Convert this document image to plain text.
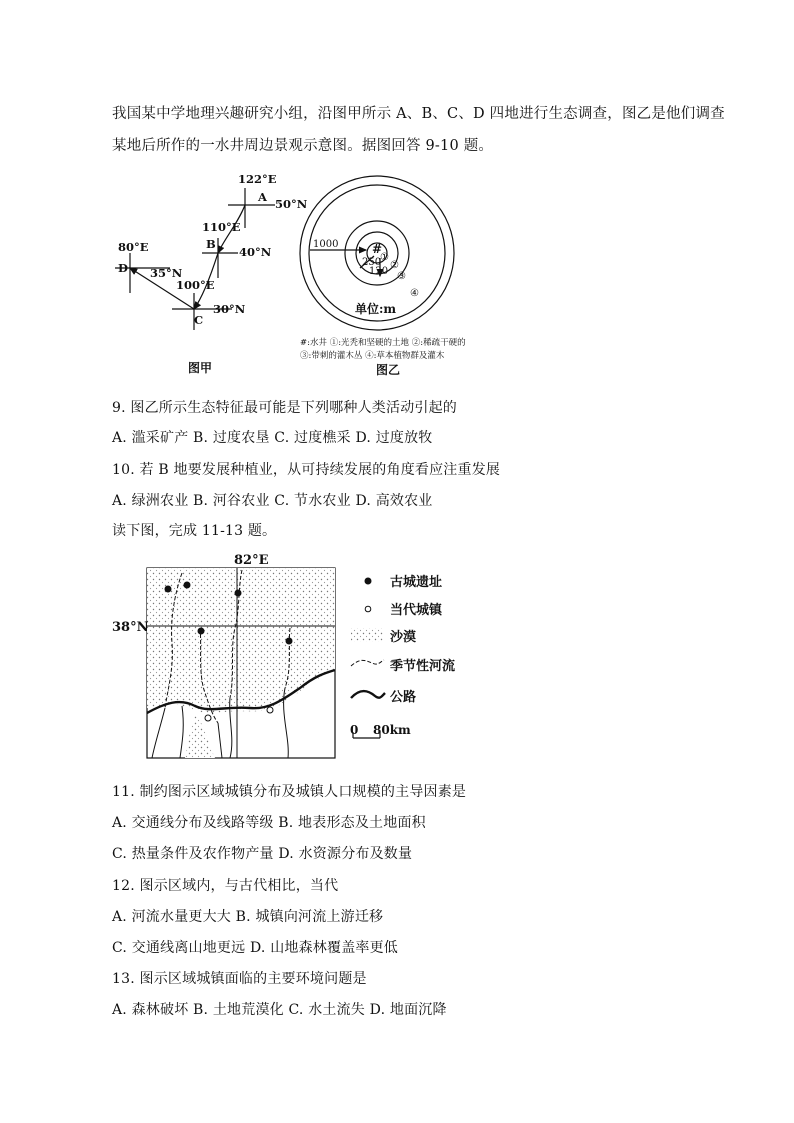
我国某中学地理兴趣研究小组，沿图甲所示 A、B、C、D 四地进行生态调查，图乙是他们调查
某地后所作的一水井周边景观示意图。据图回答 9-10 题。
122°E
A 50°N
110°E
B
40°N
80°E
D 35°N
100°E
C
30°N
图甲
1000
250
120
#
①
②
③
④
单位:m
#:水井 ①:光秃和坚硬的土地 ②:稀疏干硬的
③:带刺的灌木丛 ④:草本植物群及灌木
图乙
9. 图乙所示生态特征最可能是下列哪种人类活动引起的
A. 滥采矿产 B. 过度农垦 C. 过度樵采 D. 过度放牧
10. 若 B 地要发展种植业，从可持续发展的角度看应注重发展
A. 绿洲农业 B. 河谷农业 C. 节水农业 D. 高效农业
读下图，完成 11-13 题。
82°E
38°N
古城遗址
当代城镇
沙漠
季节性河流
公路
0 80km
11. 制约图示区域城镇分布及城镇人口规模的主导因素是
A. 交通线分布及线路等级 B. 地表形态及土地面积
C. 热量条件及农作物产量 D. 水资源分布及数量
12. 图示区域内，与古代相比，当代
A. 河流水量更大大 B. 城镇向河流上游迁移
C. 交通线离山地更远 D. 山地森林覆盖率更低
13. 图示区域城镇面临的主要环境问题是
A. 森林破坏 B. 土地荒漠化 C. 水土流失 D. 地面沉降
